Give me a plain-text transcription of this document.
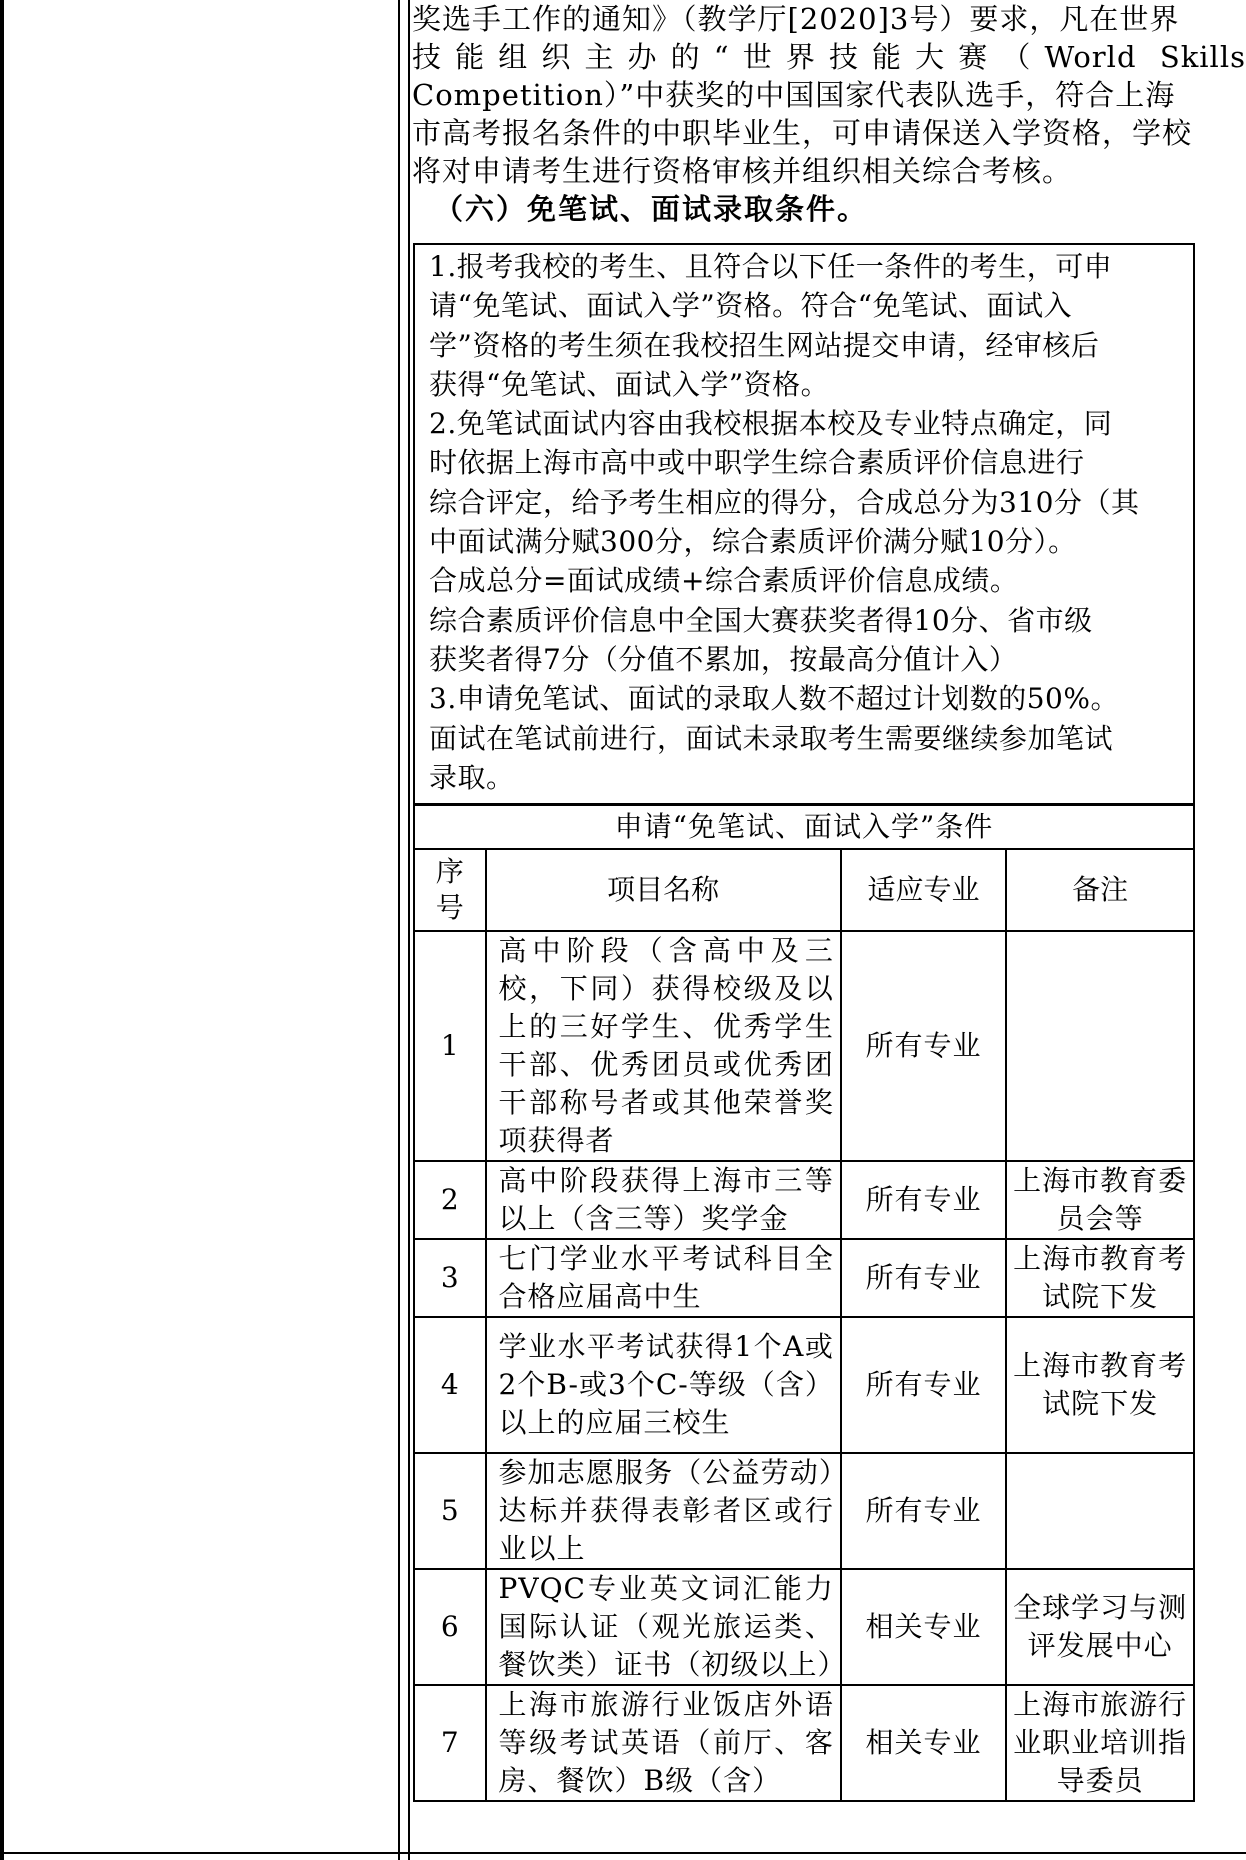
奖选手工作的通知》（教学厅[2020]3号）要求，凡在世界
技能组织主办的“世界技能大赛（World Skills
Competition）”中获奖的中国国家代表队选手，符合上海
市高考报名条件的中职毕业生，可申请保送入学资格，学校
将对申请考生进行资格审核并组织相关综合考核。
（六）免笔试、面试录取条件。
1.报考我校的考生、且符合以下任一条件的考生，可申
请“免笔试、面试入学”资格。符合“免笔试、面试入
学”资格的考生须在我校招生网站提交申请，经审核后
获得“免笔试、面试入学”资格。
2.免笔试面试内容由我校根据本校及专业特点确定，同
时依据上海市高中或中职学生综合素质评价信息进行
综合评定，给予考生相应的得分，合成总分为310分（其
中面试满分赋300分，综合素质评价满分赋10分）。
合成总分=面试成绩+综合素质评价信息成绩。
综合素质评价信息中全国大赛获奖者得10分、省市级
获奖者得7分（分值不累加，按最高分值计入）
3.申请免笔试、面试的录取人数不超过计划数的50%。
面试在笔试前进行，面试未录取考生需要继续参加笔试
录取。
申请“免笔试、面试入学”条件			
序号	项目名称	适应专业	备注
1	高中阶段（含高中及三校，下同）获得校级及以上的三好学生、优秀学生干部、优秀团员或优秀团干部称号者或其他荣誉奖项获得者	所有专业	
2	高中阶段获得上海市三等以上（含三等）奖学金	所有专业	上海市教育委员会等
3	七门学业水平考试科目全合格应届高中生	所有专业	上海市教育考试院下发
4	学业水平考试获得1个A或2个B-或3个C-等级（含）以上的应届三校生	所有专业	上海市教育考试院下发
5	参加志愿服务（公益劳动）达标并获得表彰者区或行业以上	所有专业	
6	PVQC专业英文词汇能力国际认证（观光旅运类、餐饮类）证书（初级以上）	相关专业	全球学习与测评发展中心
7	上海市旅游行业饭店外语等级考试英语（前厅、客房、餐饮）B级（含）	相关专业	上海市旅游行业职业培训指导委员
